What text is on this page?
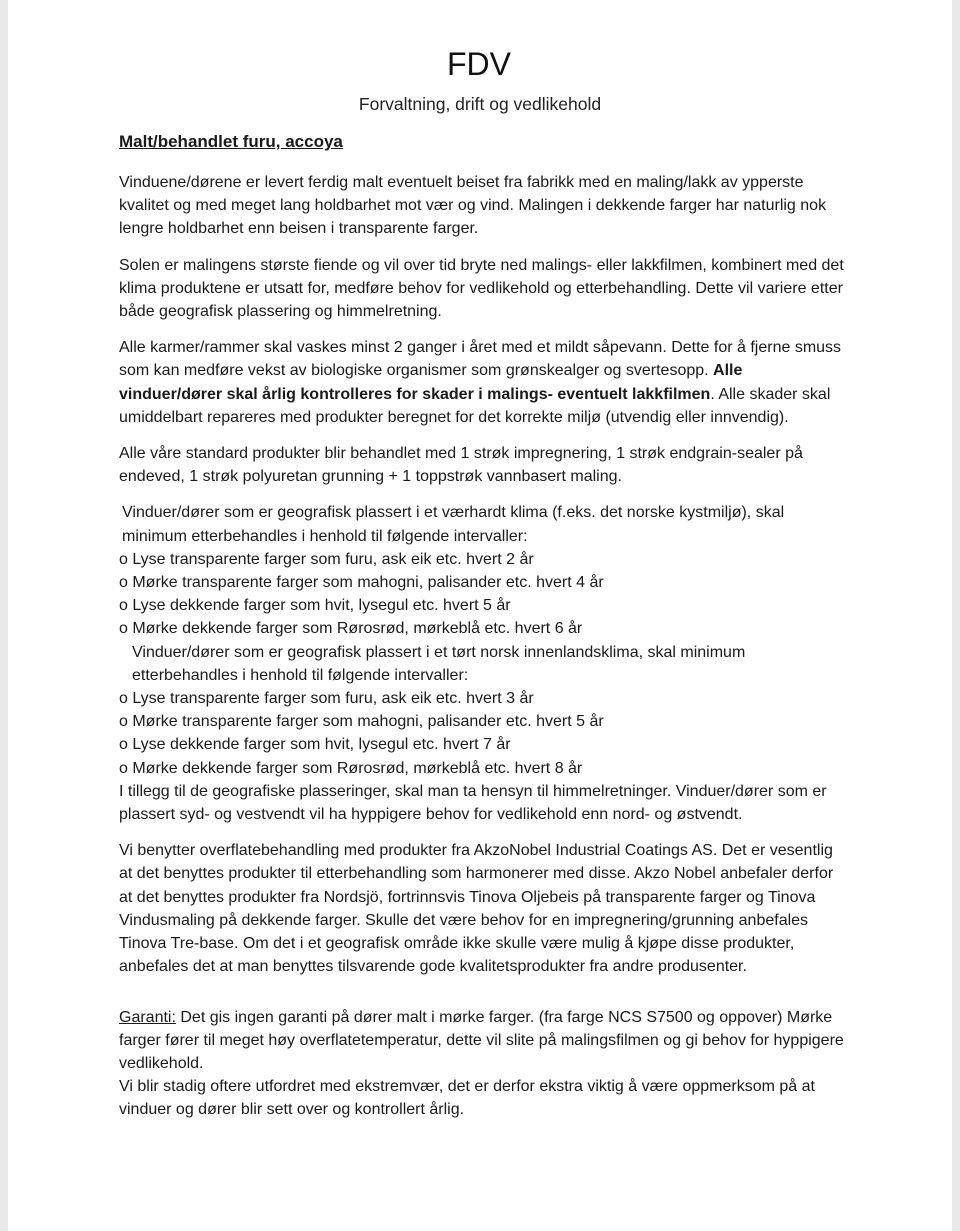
FDV
Forvaltning, drift og vedlikehold
Malt/behandlet furu, accoya

Vinduene/dørene er levert ferdig malt eventuelt beiset fra fabrikk med en maling/lakk av ypperste kvalitet og med meget lang holdbarhet mot vær og vind. Malingen i dekkende farger har naturlig nok lengre holdbarhet enn beisen i transparente farger.

Solen er malingens største fiende og vil over tid bryte ned malings- eller lakkfilmen, kombinert med det klima produktene er utsatt for, medføre behov for vedlikehold og etterbehandling. Dette vil variere etter både geografisk plassering og himmelretning.

Alle karmer/rammer skal vaskes minst 2 ganger i året med et mildt såpevann. Dette for å fjerne smuss som kan medføre vekst av biologiske organismer som grønskealger og svertesopp. Alle vinduer/dører skal årlig kontrolleres for skader i malings- eventuelt lakkfilmen. Alle skader skal umiddelbart repareres med produkter beregnet for det korrekte miljø (utvendig eller innvendig).

Alle våre standard produkter blir behandlet med 1 strøk impregnering, 1 strøk endgrain-sealer på endeved, 1 strøk polyuretan grunning + 1 toppstrøk vannbasert maling.

Vinduer/dører som er geografisk plassert i et værhardt klima (f.eks. det norske kystmiljø), skal minimum etterbehandles i henhold til følgende intervaller:
o Lyse transparente farger som furu, ask eik etc. hvert 2 år
o Mørke transparente farger som mahogni, palisander etc. hvert 4 år
o Lyse dekkende farger som hvit, lysegul etc. hvert 5 år
o Mørke dekkende farger som Rørosrød, mørkeblå etc. hvert 6 år
Vinduer/dører som er geografisk plassert i et tørt norsk innenlandsklima, skal minimum etterbehandles i henhold til følgende intervaller:
o Lyse transparente farger som furu, ask eik etc. hvert 3 år
o Mørke transparente farger som mahogni, palisander etc. hvert 5 år
o Lyse dekkende farger som hvit, lysegul etc. hvert 7 år
o Mørke dekkende farger som Rørosrød, mørkeblå etc. hvert 8 år
I tillegg til de geografiske plasseringer, skal man ta hensyn til himmelretninger. Vinduer/dører som er plassert syd- og vestvendt vil ha hyppigere behov for vedlikehold enn nord- og østvendt.

Vi benytter overflatebehandling med produkter fra AkzoNobel Industrial Coatings AS. Det er vesentlig at det benyttes produkter til etterbehandling som harmonerer med disse. Akzo Nobel anbefaler derfor at det benyttes produkter fra Nordsjö, fortrinnsvis Tinova Oljebeis på transparente farger og Tinova Vindusmaling på dekkende farger. Skulle det være behov for en impregnering/grunning anbefales Tinova Tre-base. Om det i et geografisk område ikke skulle være mulig å kjøpe disse produkter, anbefales det at man benyttes tilsvarende gode kvalitetsprodukter fra andre produsenter.

Garanti: Det gis ingen garanti på dører malt i mørke farger. (fra farge NCS S7500 og oppover) Mørke farger fører til meget høy overflatetemperatur, dette vil slite på malingsfilmen og gi behov for hyppigere vedlikehold.
Vi blir stadig oftere utfordret med ekstremvær, det er derfor ekstra viktig å være oppmerksom på at vinduer og dører blir sett over og kontrollert årlig.
